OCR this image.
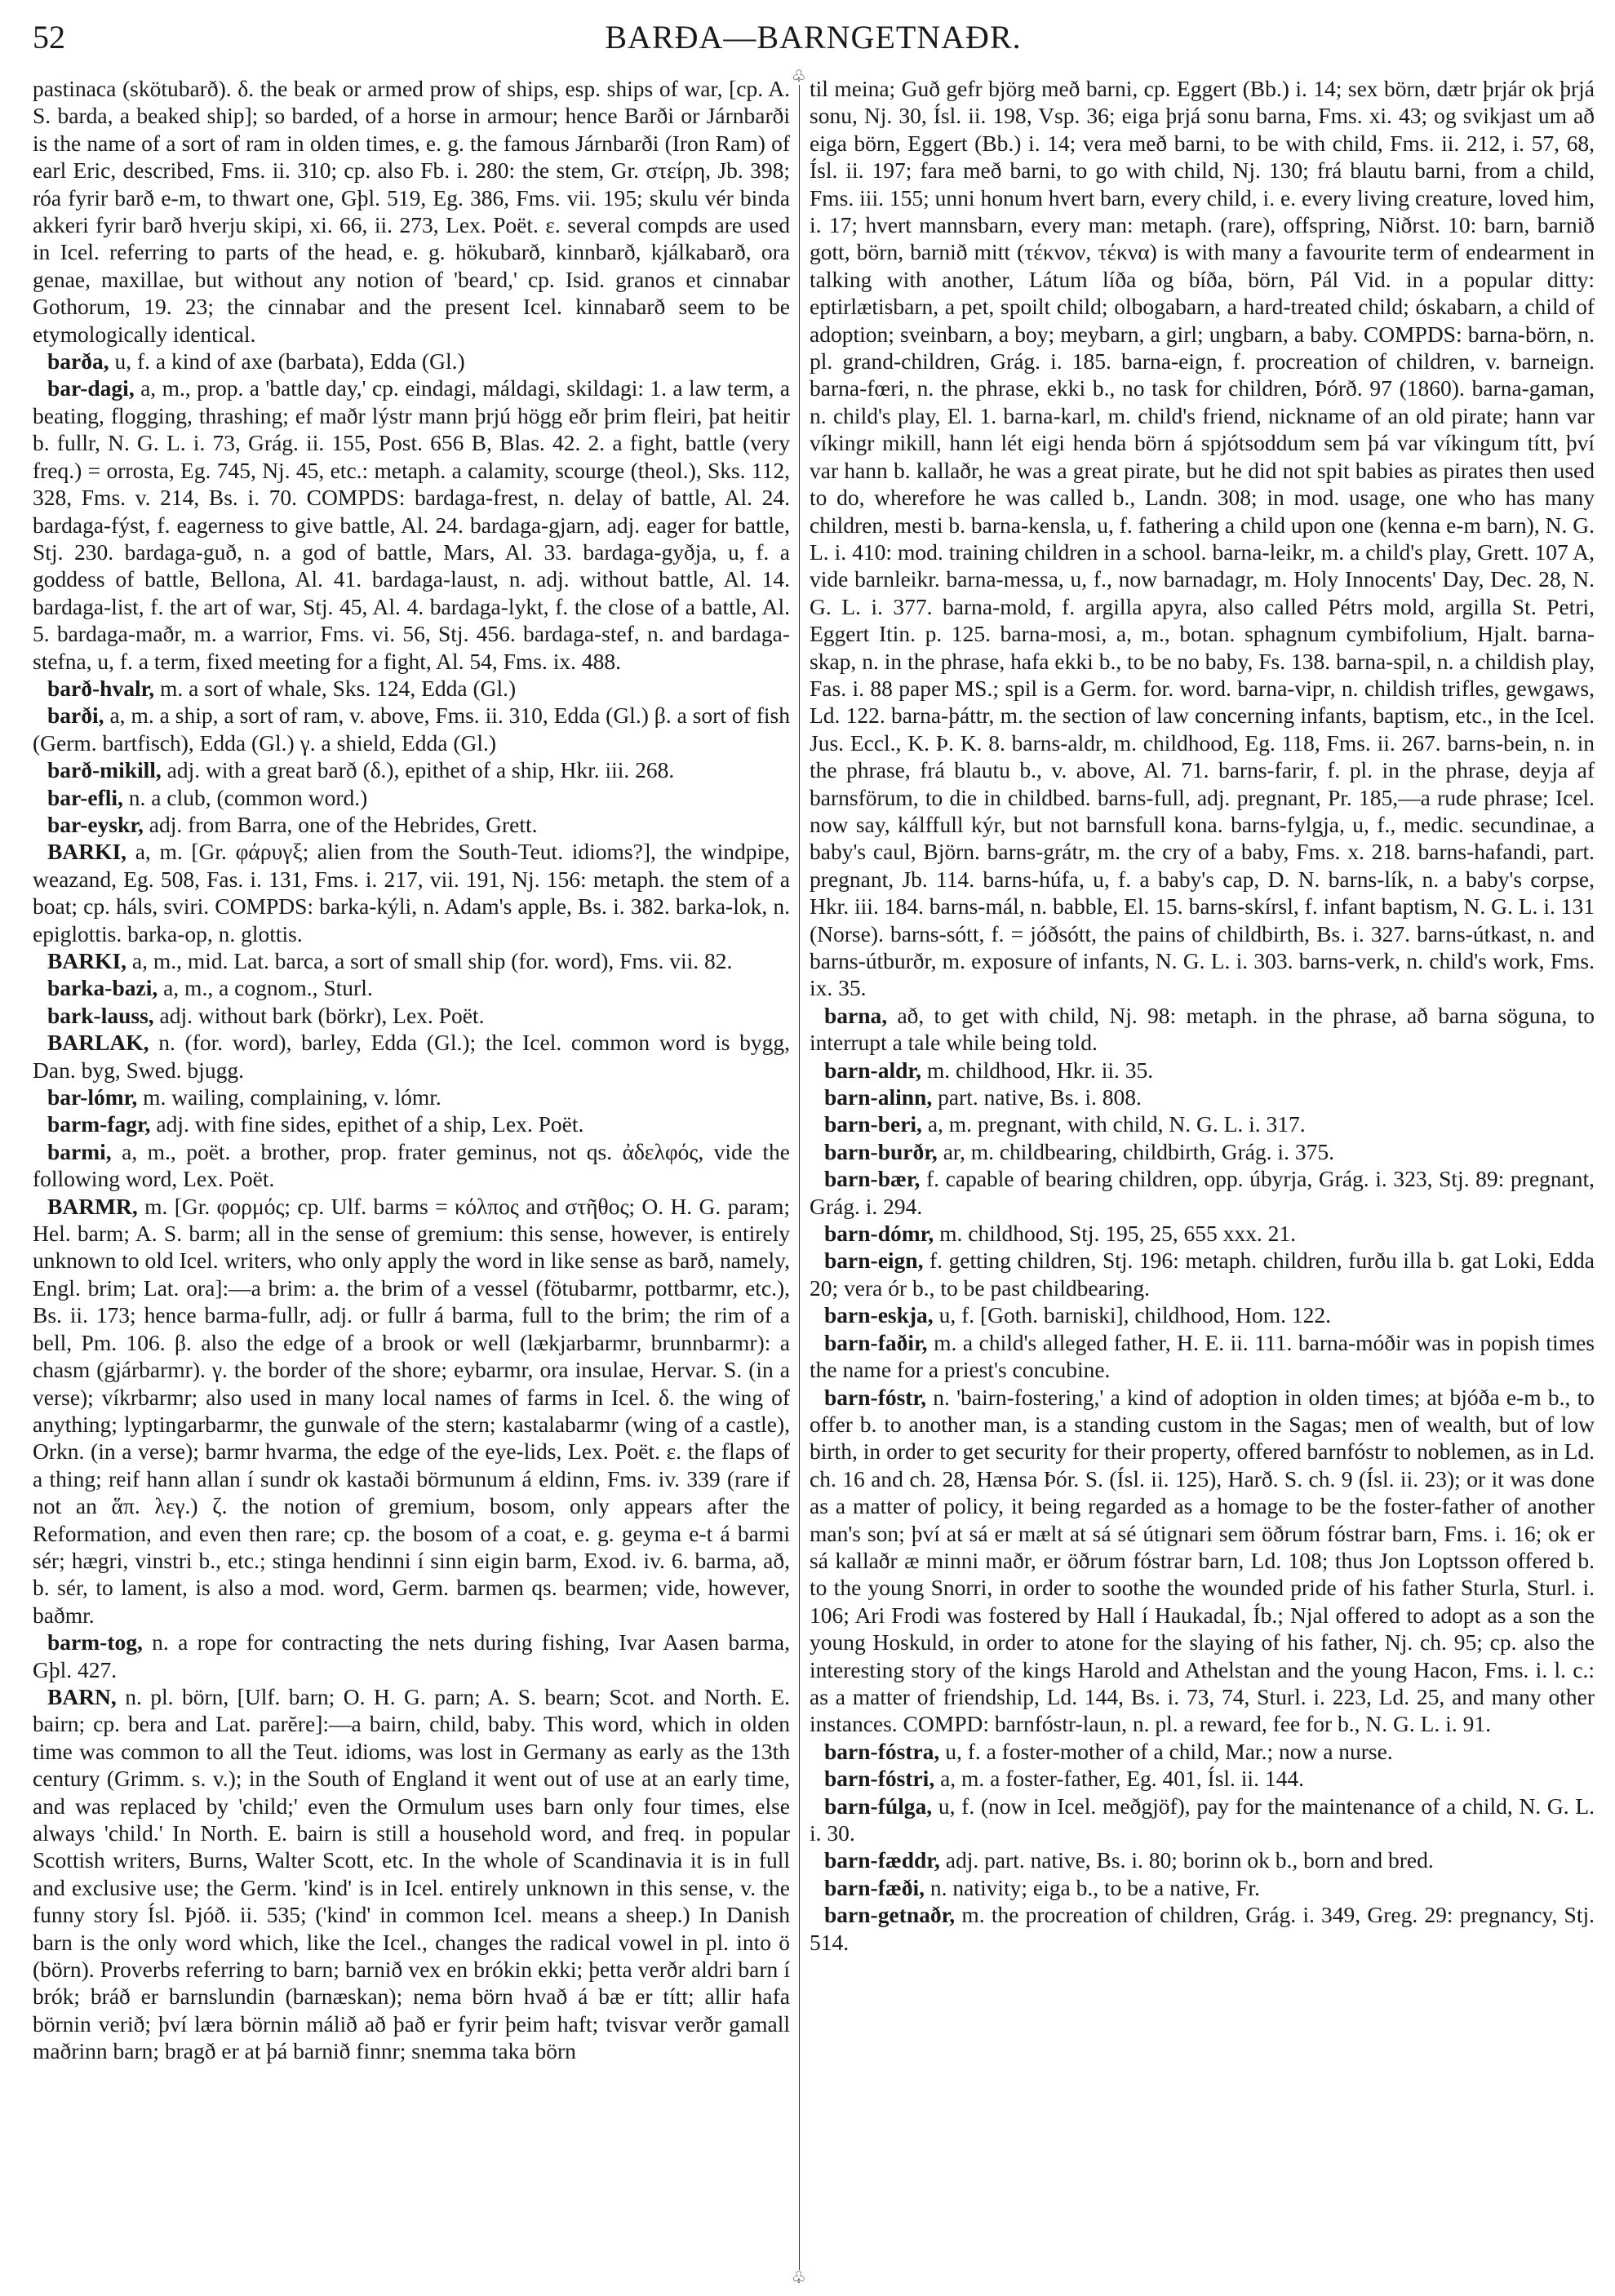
52	BARÐA—BARNGETNAÐR.

pastinaca (skötubarð). δ. the beak or armed prow of ships, esp. ships of war, [cp. A. S. barda, a beaked ship]; so barded, of a horse in armour; hence Barði or Járnbarði is the name of a sort of ram in olden times, e. g. the famous Járnbarði (Iron Ram) of earl Eric, described, Fms. ii. 310; cp. also Fb. i. 280: the stem, Gr. στείρη, Jb. 398; róa fyrir barð e-m, to thwart one, Gþl. 519, Eg. 386, Fms. vii. 195; skulu vér binda akkeri fyrir barð hverju skipi, xi. 66, ii. 273, Lex. Poët. ε. several compds are used in Icel. referring to parts of the head, e. g. hökubarð, kinnbarð, kjálkabarð, ora genae, maxillae, but without any notion of 'beard,' cp. Isid. granos et cinnabar Gothorum, 19. 23; the cinnabar and the present Icel. kinnabarð seem to be etymologically identical.

barða, u, f. a kind of axe (barbata), Edda (Gl.)

bar-dagi, a, m., prop. a 'battle day,' cp. eindagi, máldagi, skildagi: 1. a law term, a beating, flogging, thrashing; ef maðr lýstr mann þrjú högg eðr þrim fleiri, þat heitir b. fullr, N. G. L. i. 73, Grág. ii. 155, Post. 656 B, Blas. 42. 2. a fight, battle (very freq.) = orrosta, Eg. 745, Nj. 45, etc.: metaph. a calamity, scourge (theol.), Sks. 112, 328, Fms. v. 214, Bs. i. 70. COMPDS: bardaga-frest, n. delay of battle, Al. 24. bardaga-fýst, f. eagerness to give battle, Al. 24. bardaga-gjarn, adj. eager for battle, Stj. 230. bardaga-guð, n. a god of battle, Mars, Al. 33. bardaga-gyðja, u, f. a goddess of battle, Bellona, Al. 41. bardaga-laust, n. adj. without battle, Al. 14. bardaga-list, f. the art of war, Stj. 45, Al. 4. bardaga-lykt, f. the close of a battle, Al. 5. bardaga-maðr, m. a warrior, Fms. vi. 56, Stj. 456. bardaga-stef, n. and bardaga-stefna, u, f. a term, fixed meeting for a fight, Al. 54, Fms. ix. 488.

barð-hvalr, m. a sort of whale, Sks. 124, Edda (Gl.)

barði, a, m. a ship, a sort of ram, v. above, Fms. ii. 310, Edda (Gl.) β. a sort of fish (Germ. bartfisch), Edda (Gl.) γ. a shield, Edda (Gl.)

barð-mikill, adj. with a great barð (δ.), epithet of a ship, Hkr. iii. 268.

bar-efli, n. a club, (common word.)

bar-eyskr, adj. from Barra, one of the Hebrides, Grett.

BARKI, a, m. [Gr. φάρυγξ; alien from the South-Teut. idioms?], the windpipe, weazand, Eg. 508, Fas. i. 131, Fms. i. 217, vii. 191, Nj. 156: metaph. the stem of a boat; cp. háls, sviri. COMPDS: barka-kýli, n. Adam's apple, Bs. i. 382. barka-lok, n. epiglottis. barka-op, n. glottis.

BARKI, a, m., mid. Lat. barca, a sort of small ship (for. word), Fms. vii. 82.

barka-bazi, a, m., a cognom., Sturl.

bark-lauss, adj. without bark (börkr), Lex. Poët.

BARLAK, n. (for. word), barley, Edda (Gl.); the Icel. common word is bygg, Dan. byg, Swed. bjugg.

bar-lómr, m. wailing, complaining, v. lómr.

barm-fagr, adj. with fine sides, epithet of a ship, Lex. Poët.

barmi, a, m., poët. a brother, prop. frater geminus, not qs. ἀδελφός, vide the following word, Lex. Poët.

BARMR, m. [Gr. φορμός; cp. Ulf. barms = κόλπος and στῆθος; O. H. G. param; Hel. barm; A. S. barm; all in the sense of gremium: this sense, however, is entirely unknown to old Icel. writers, who only apply the word in like sense as barð, namely, Engl. brim; Lat. ora]:—a brim: a. the brim of a vessel (fötubarmr, pottbarmr, etc.), Bs. ii. 173; hence barma-fullr, adj. or fullr á barma, full to the brim; the rim of a bell, Pm. 106. β. also the edge of a brook or well (lækjarbarmr, brunnbarmr): a chasm (gjárbarmr). γ. the border of the shore; eybarmr, ora insulae, Hervar. S. (in a verse); víkrbarmr; also used in many local names of farms in Icel. δ. the wing of anything; lyptingarbarmr, the gunwale of the stern; kastalabarmr (wing of a castle), Orkn. (in a verse); barmr hvarma, the edge of the eye-lids, Lex. Poët. ε. the flaps of a thing; reif hann allan í sundr ok kastaði börmunum á eldinn, Fms. iv. 339 (rare if not an ἅπ. λεγ.) ζ. the notion of gremium, bosom, only appears after the Reformation, and even then rare; cp. the bosom of a coat, e. g. geyma e-t á barmi sér; hægri, vinstri b., etc.; stinga hendinni í sinn eigin barm, Exod. iv. 6. barma, að, b. sér, to lament, is also a mod. word, Germ. barmen qs. bearmen; vide, however, baðmr.

barm-tog, n. a rope for contracting the nets during fishing, Ivar Aasen barma, Gþl. 427.

BARN, n. pl. börn, [Ulf. barn; O. H. G. parn; A. S. bearn; Scot. and North. E. bairn; cp. bera and Lat. parĕre]:—a bairn, child, baby. This word, which in olden time was common to all the Teut. idioms, was lost in Germany as early as the 13th century (Grimm. s. v.); in the South of England it went out of use at an early time, and was replaced by 'child;' even the Ormulum uses barn only four times, else always 'child.' In North. E. bairn is still a household word, and freq. in popular Scottish writers, Burns, Walter Scott, etc. In the whole of Scandinavia it is in full and exclusive use; the Germ. 'kind' is in Icel. entirely unknown in this sense, v. the funny story Ísl. Þjóð. ii. 535; ('kind' in common Icel. means a sheep.) In Danish barn is the only word which, like the Icel., changes the radical vowel in pl. into ö (börn). Proverbs referring to barn; barnið vex en brókin ekki; þetta verðr aldri barn í brók; bráð er barnslundin (barnæskan); nema börn hvað á bæ er títt; allir hafa börnin verið; því læra börnin málið að það er fyrir þeim haft; tvisvar verðr gamall maðrinn barn; bragð er at þá barnið finnr; snemma taka börn

♧
♧

til meina; Guð gefr björg með barni, cp. Eggert (Bb.) i. 14; sex börn, dætr þrjár ok þrjá sonu, Nj. 30, Ísl. ii. 198, Vsp. 36; eiga þrjá sonu barna, Fms. xi. 43; og svikjast um að eiga börn, Eggert (Bb.) i. 14; vera með barni, to be with child, Fms. ii. 212, i. 57, 68, Ísl. ii. 197; fara með barni, to go with child, Nj. 130; frá blautu barni, from a child, Fms. iii. 155; unni honum hvert barn, every child, i. e. every living creature, loved him, i. 17; hvert mannsbarn, every man: metaph. (rare), offspring, Niðrst. 10: barn, barnið gott, börn, barnið mitt (τέκνον, τέκνα) is with many a favourite term of endearment in talking with another, Látum líða og bíða, börn, Pál Vid. in a popular ditty: eptirlætisbarn, a pet, spoilt child; olbogabarn, a hard-treated child; óskabarn, a child of adoption; sveinbarn, a boy; meybarn, a girl; ungbarn, a baby. COMPDS: barna-börn, n. pl. grand-children, Grág. i. 185. barna-eign, f. procreation of children, v. barneign. barna-fœri, n. the phrase, ekki b., no task for children, Þórð. 97 (1860). barna-gaman, n. child's play, El. 1. barna-karl, m. child's friend, nickname of an old pirate; hann var víkingr mikill, hann lét eigi henda börn á spjótsoddum sem þá var víkingum títt, því var hann b. kallaðr, he was a great pirate, but he did not spit babies as pirates then used to do, wherefore he was called b., Landn. 308; in mod. usage, one who has many children, mesti b. barna-kensla, u, f. fathering a child upon one (kenna e-m barn), N. G. L. i. 410: mod. training children in a school. barna-leikr, m. a child's play, Grett. 107 A, vide barnleikr. barna-messa, u, f., now barnadagr, m. Holy Innocents' Day, Dec. 28, N. G. L. i. 377. barna-mold, f. argilla apyra, also called Pétrs mold, argilla St. Petri, Eggert Itin. p. 125. barna-mosi, a, m., botan. sphagnum cymbifolium, Hjalt. barna-skap, n. in the phrase, hafa ekki b., to be no baby, Fs. 138. barna-spil, n. a childish play, Fas. i. 88 paper MS.; spil is a Germ. for. word. barna-vipr, n. childish trifles, gewgaws, Ld. 122. barna-þáttr, m. the section of law concerning infants, baptism, etc., in the Icel. Jus. Eccl., K. Þ. K. 8. barns-aldr, m. childhood, Eg. 118, Fms. ii. 267. barns-bein, n. in the phrase, frá blautu b., v. above, Al. 71. barns-farir, f. pl. in the phrase, deyja af barnsförum, to die in childbed. barns-full, adj. pregnant, Pr. 185,—a rude phrase; Icel. now say, kálffull kýr, but not barnsfull kona. barns-fylgja, u, f., medic. secundinae, a baby's caul, Björn. barns-grátr, m. the cry of a baby, Fms. x. 218. barns-hafandi, part. pregnant, Jb. 114. barns-húfa, u, f. a baby's cap, D. N. barns-lík, n. a baby's corpse, Hkr. iii. 184. barns-mál, n. babble, El. 15. barns-skírsl, f. infant baptism, N. G. L. i. 131 (Norse). barns-sótt, f. = jóðsótt, the pains of childbirth, Bs. i. 327. barns-útkast, n. and barns-útburðr, m. exposure of infants, N. G. L. i. 303. barns-verk, n. child's work, Fms. ix. 35.

barna, að, to get with child, Nj. 98: metaph. in the phrase, að barna söguna, to interrupt a tale while being told.

barn-aldr, m. childhood, Hkr. ii. 35.

barn-alinn, part. native, Bs. i. 808.

barn-beri, a, m. pregnant, with child, N. G. L. i. 317.

barn-burðr, ar, m. childbearing, childbirth, Grág. i. 375.

barn-bær, f. capable of bearing children, opp. úbyrja, Grág. i. 323, Stj. 89: pregnant, Grág. i. 294.

barn-dómr, m. childhood, Stj. 195, 25, 655 xxx. 21.

barn-eign, f. getting children, Stj. 196: metaph. children, furðu illa b. gat Loki, Edda 20; vera ór b., to be past childbearing.

barn-eskja, u, f. [Goth. barniski], childhood, Hom. 122.

barn-faðir, m. a child's alleged father, H. E. ii. 111. barna-móðir was in popish times the name for a priest's concubine.

barn-fóstr, n. 'bairn-fostering,' a kind of adoption in olden times; at bjóða e-m b., to offer b. to another man, is a standing custom in the Sagas; men of wealth, but of low birth, in order to get security for their property, offered barnfóstr to noblemen, as in Ld. ch. 16 and ch. 28, Hænsa Þór. S. (Ísl. ii. 125), Harð. S. ch. 9 (Ísl. ii. 23); or it was done as a matter of policy, it being regarded as a homage to be the foster-father of another man's son; því at sá er mælt at sá sé útignari sem öðrum fóstrar barn, Fms. i. 16; ok er sá kallaðr æ minni maðr, er öðrum fóstrar barn, Ld. 108; thus Jon Loptsson offered b. to the young Snorri, in order to soothe the wounded pride of his father Sturla, Sturl. i. 106; Ari Frodi was fostered by Hall í Haukadal, Íb.; Njal offered to adopt as a son the young Hoskuld, in order to atone for the slaying of his father, Nj. ch. 95; cp. also the interesting story of the kings Harold and Athelstan and the young Hacon, Fms. i. l. c.: as a matter of friendship, Ld. 144, Bs. i. 73, 74, Sturl. i. 223, Ld. 25, and many other instances. COMPD: barnfóstr-laun, n. pl. a reward, fee for b., N. G. L. i. 91.

barn-fóstra, u, f. a foster-mother of a child, Mar.; now a nurse.

barn-fóstri, a, m. a foster-father, Eg. 401, Ísl. ii. 144.

barn-fúlga, u, f. (now in Icel. meðgjöf), pay for the maintenance of a child, N. G. L. i. 30.

barn-fæddr, adj. part. native, Bs. i. 80; borinn ok b., born and bred.

barn-fæði, n. nativity; eiga b., to be a native, Fr.

barn-getnaðr, m. the procreation of children, Grág. i. 349, Greg. 29: pregnancy, Stj. 514.
